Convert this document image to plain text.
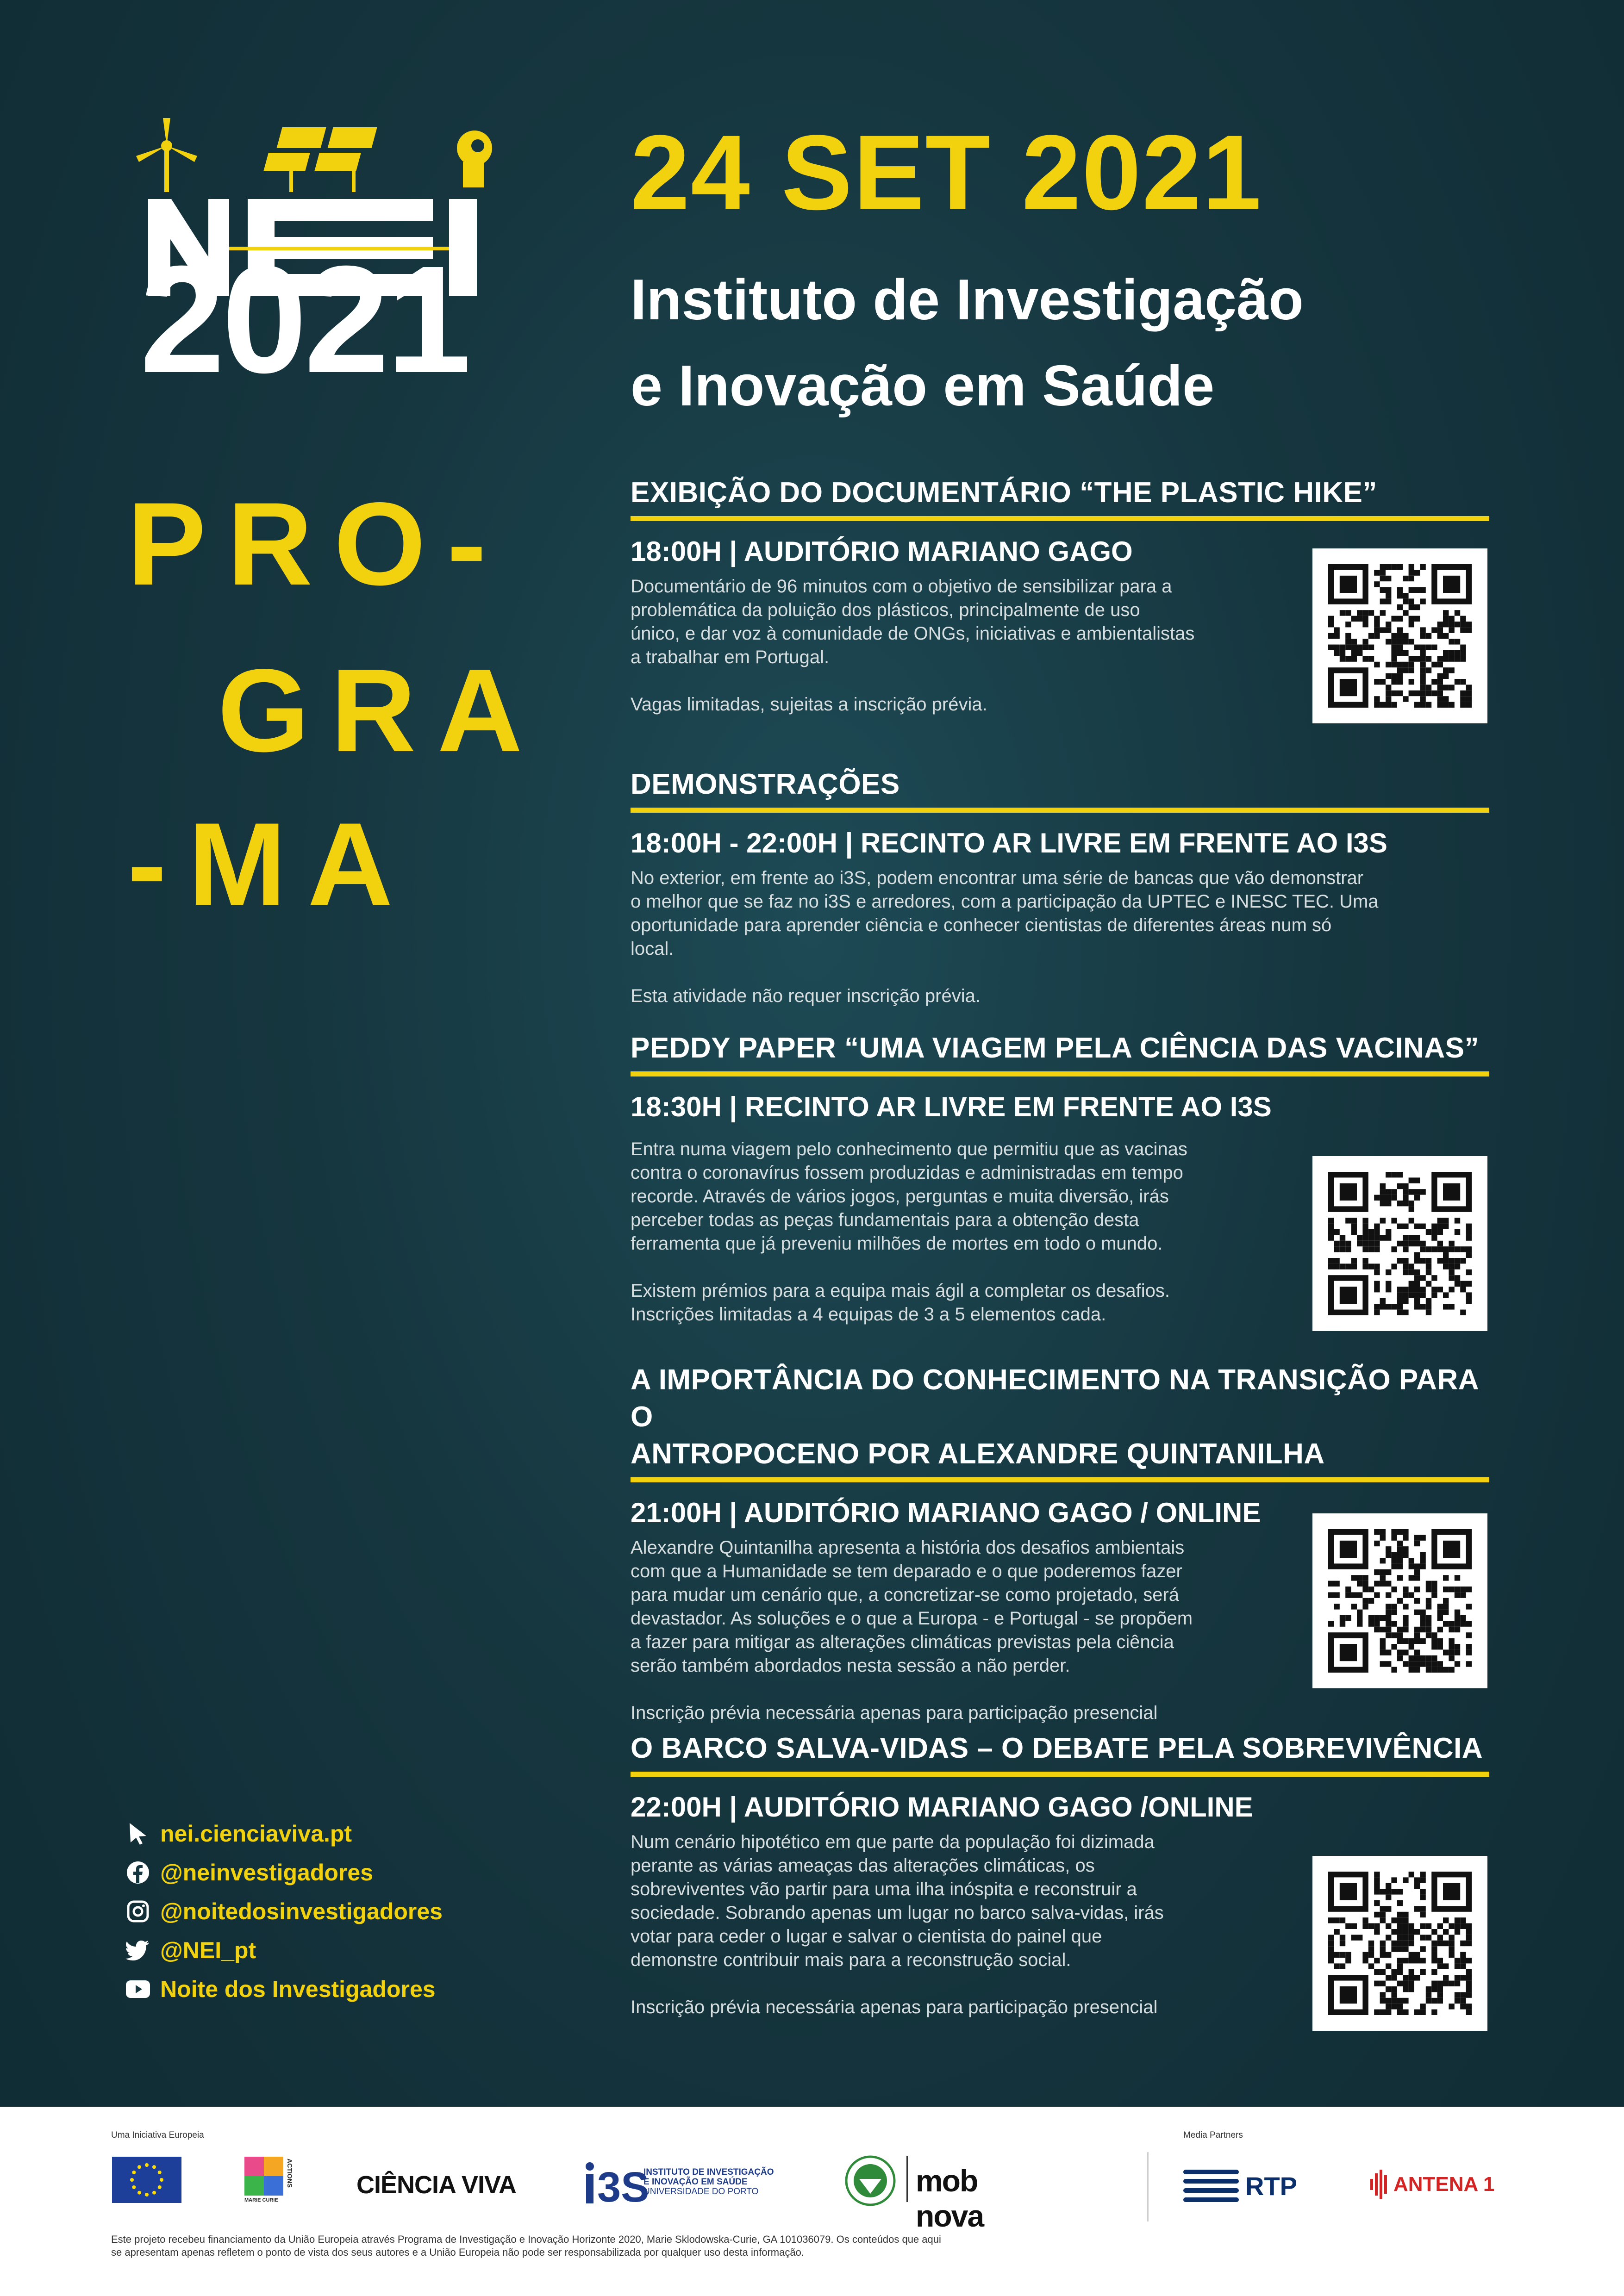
2021
PRO-
GRA
-MA
24 SET 2021
Instituto de Investigação
e Inovação em Saúde
EXIBIÇÃO DO DOCUMENTÁRIO “THE PLASTIC HIKE”
18:00H | AUDITÓRIO MARIANO GAGO
Documentário de 96 minutos com o objetivo de sensibilizar para a
problemática da poluição dos plásticos, principalmente de uso
único, e dar voz à comunidade de ONGs, iniciativas e ambientalistas
a trabalhar em Portugal.
Vagas limitadas, sujeitas a inscrição prévia.
DEMONSTRAÇÕES
18:00H - 22:00H | RECINTO AR LIVRE EM FRENTE AO I3S
No exterior, em frente ao i3S, podem encontrar uma série de bancas que vão demonstrar
o melhor que se faz no i3S e arredores, com a participação da UPTEC e INESC TEC. Uma
oportunidade para aprender ciência e conhecer cientistas de diferentes áreas num só
local.
Esta atividade não requer inscrição prévia.
PEDDY PAPER “UMA VIAGEM PELA CIÊNCIA DAS VACINAS”
18:30H | RECINTO AR LIVRE EM FRENTE AO I3S
Entra numa viagem pelo conhecimento que permitiu que as vacinas
contra o coronavírus fossem produzidas e administradas em tempo
recorde. Através de vários jogos, perguntas e muita diversão, irás
perceber todas as peças fundamentais para a obtenção desta
ferramenta que já preveniu milhões de mortes em todo o mundo.
Existem prémios para a equipa mais ágil a completar os desafios.
Inscrições limitadas a 4 equipas de 3 a 5 elementos cada.
A IMPORTÂNCIA DO CONHECIMENTO NA TRANSIÇÃO PARA O
ANTROPOCENO POR ALEXANDRE QUINTANILHA
21:00H | AUDITÓRIO MARIANO GAGO / ONLINE
Alexandre Quintanilha apresenta a história dos desafios ambientais
com que a Humanidade se tem deparado e o que poderemos fazer
para mudar um cenário que, a concretizar-se como projetado, será
devastador. As soluções e o que a Europa - e Portugal - se propõem
a fazer para mitigar as alterações climáticas previstas pela ciência
serão também abordados nesta sessão a não perder.
Inscrição prévia necessária apenas para participação presencial
O BARCO SALVA-VIDAS – O DEBATE PELA SOBREVIVÊNCIA
22:00H | AUDITÓRIO MARIANO GAGO /ONLINE
Num cenário hipotético em que parte da população foi dizimada
perante as várias ameaças das alterações climáticas, os
sobreviventes vão partir para uma ilha inóspita e reconstruir a
sociedade. Sobrando apenas um lugar no barco salva-vidas, irás
votar para ceder o lugar e salvar o cientista do painel que
demonstre contribuir mais para a reconstrução social.
Inscrição prévia necessária apenas para participação presencial
nei.cienciaviva.pt
@neinvestigadores
@noitedosinvestigadores
@NEI_pt
Noite dos Investigadores
Uma Iniciativa Europeia	Media Partners
MARIE CURIE
ACTIONS	CIÊNCIA VIVA 3S
INSTITUTO DE INVESTIGAÇÃO
E INOVAÇÃO EM SAÚDE
UNIVERSIDADE DO PORTO	mob nova
RTP	ANTENA 1
Este projeto recebeu financiamento da União Europeia através Programa de Investigação e Inovação Horizonte 2020, Marie Sklodowska-Curie, GA 101036079. Os conteúdos que aqui
se apresentam apenas refletem o ponto de vista dos seus autores e a União Europeia não pode ser responsabilizada por qualquer uso desta informação.
